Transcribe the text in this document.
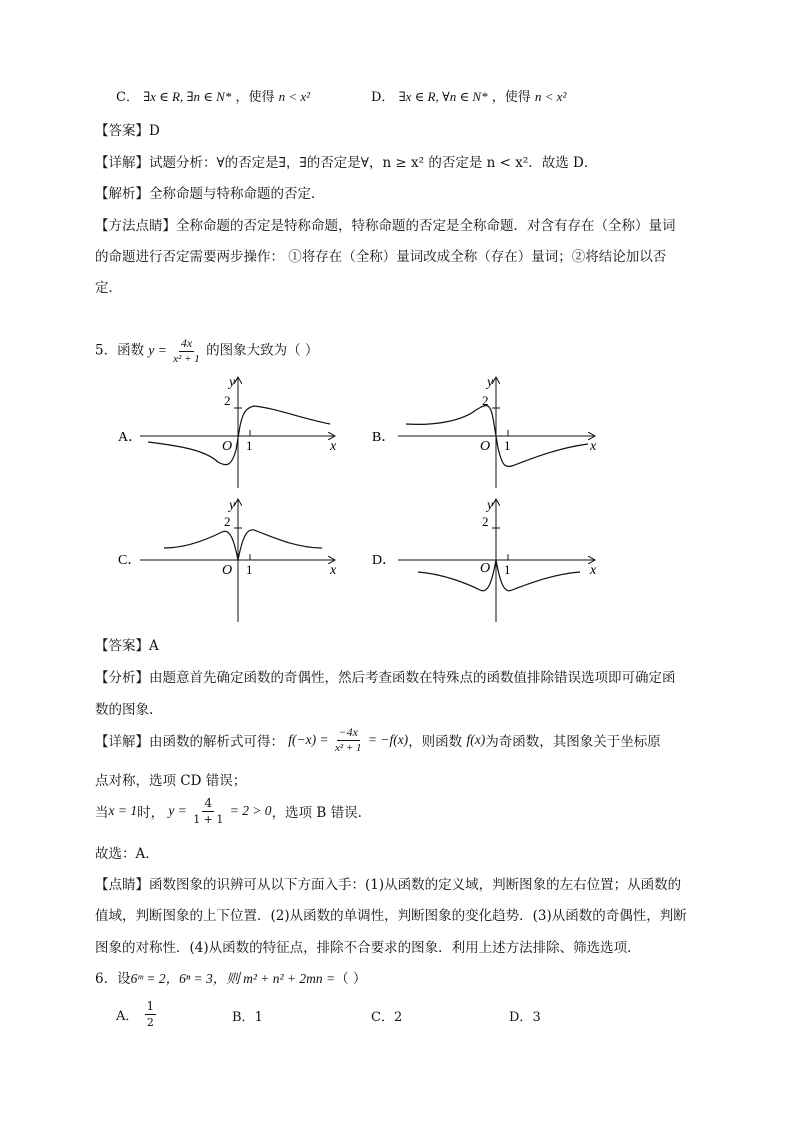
C． ∃x ∈ R, ∃n ∈ N* ，使得 n < x²	D． ∃x ∈ R, ∀n ∈ N* ，使得 n < x²
【答案】D
【详解】试题分析：∀的否定是∃，∃的否定是∀，n ≥ x² 的否定是 n < x²．故选 D．
【解析】全称命题与特称命题的否定．
【方法点睛】全称命题的否定是特称命题，特称命题的否定是全称命题．对含有存在（全称）量词
的命题进行否定需要两步操作： ①将存在（全称）量词改成全称（存在）量词；②将结论加以否
定．
5．函数 $y = \frac{4x}{\text{x² + 1}}$ 的图象大致为（ ）
A．
y
x
O
2
1
B．
y
x
O
2
1
C．
y
x
O
2
1
D．
y
x
O
2
1
【答案】A
【分析】由题意首先确定函数的奇偶性，然后考查函数在特殊点的函数值排除错误选项即可确定函
数的图象.
【详解】由函数的解析式可得： $f(-x) = \frac{-4x}{\text{x² + 1}} = -f(x)$，则函数 f(x)为奇函数，其图象关于坐标原
点对称，选项 CD 错误；
当x = 1时， $y = \frac{4}{1 + 1} = 2 > 0$，选项 B 错误.
故选：A.
【点睛】函数图象的识辨可从以下方面入手：(1)从函数的定义域，判断图象的左右位置；从函数的
值域，判断图象的上下位置．(2)从函数的单调性，判断图象的变化趋势．(3)从函数的奇偶性，判断
图象的对称性．(4)从函数的特征点，排除不合要求的图象．利用上述方法排除、筛选选项．
6．设6ᵐ = 2，6ⁿ = 3，则 m² + n² + 2mn =（ ）
A． $\frac{1}{2}$	B．1	C．2	D．3
